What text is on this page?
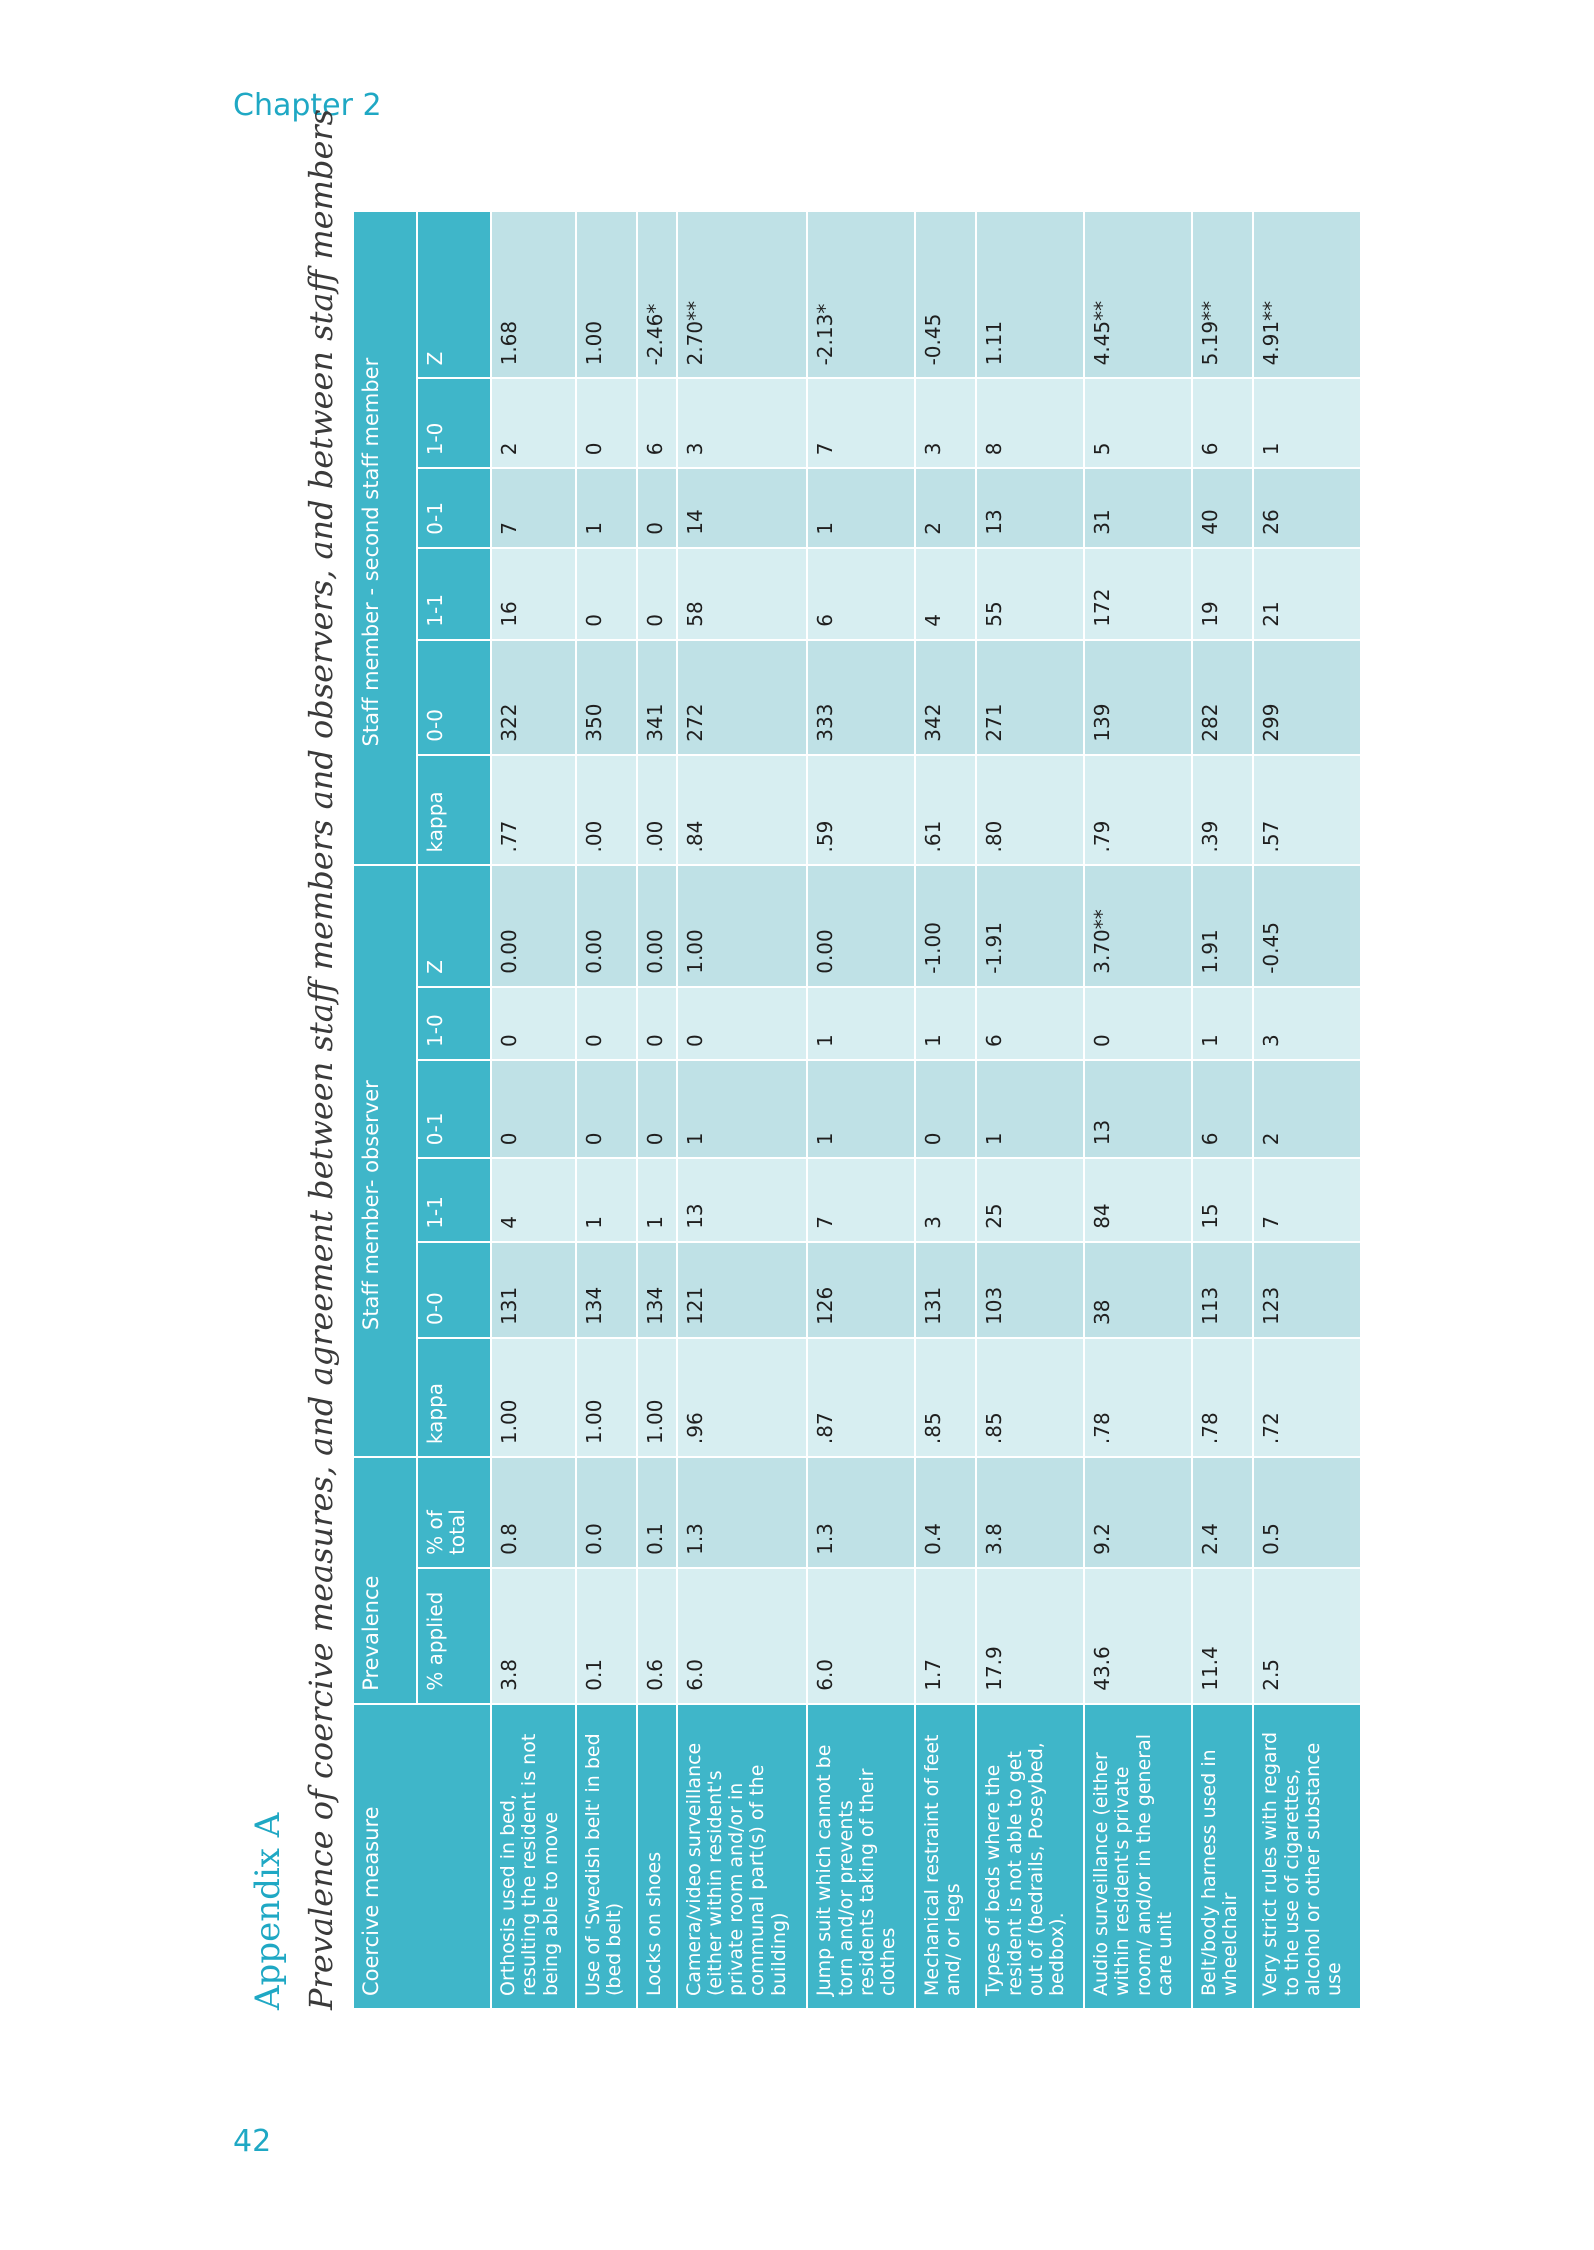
Chapter 2
42
Appendix A Prevalence of coercive measures, and agreement between staff members and observers, and between staff members Coercive measure	Prevalence		Staff member- observer						Staff member - second staff member					
	% applied	% of total	kappa	0-0	1-1	0-1	1-0	Z	kappa	0-0	1-1	0-1	1-0	Z
Orthosis used in bed, resulting the resident is not being able to move	3.8	0.8	1.00	131	4	0	0	0.00	.77	322	16	7	2	1.68
Use of 'Swedish belt' in bed (bed belt)	0.1	0.0	1.00	134	1	0	0	0.00	.00	350	0	1	0	1.00
Locks on shoes	0.6	0.1	1.00	134	1	0	0	0.00	.00	341	0	0	6	-2.46*
Camera/video surveillance (either within resident's private room and/or in communal part(s) of the building)	6.0	1.3	.96	121	13	1	0	1.00	.84	272	58	14	3	2.70**
Jump suit which cannot be torn and/or prevents residents taking of their clothes	6.0	1.3	.87	126	7	1	1	0.00	.59	333	6	1	7	-2.13*
Mechanical restraint of feet and/ or legs	1.7	0.4	.85	131	3	0	1	-1.00	.61	342	4	2	3	-0.45
Types of beds where the resident is not able to get out of (bedrails, Poseybed, bedbox).	17.9	3.8	.85	103	25	1	6	-1.91	.80	271	55	13	8	1.11
Audio surveillance (either within resident's private room/ and/or in the general care unit	43.6	9.2	.78	38	84	13	0	3.70**	.79	139	172	31	5	4.45**
Belt/body harness used in wheelchair	11.4	2.4	.78	113	15	6	1	1.91	.39	282	19	40	6	5.19**
Very strict rules with regard to the use of cigarettes, alcohol or other substance use	2.5	0.5	.72	123	7	2	3	-0.45	.57	299	21	26	1	4.91**
